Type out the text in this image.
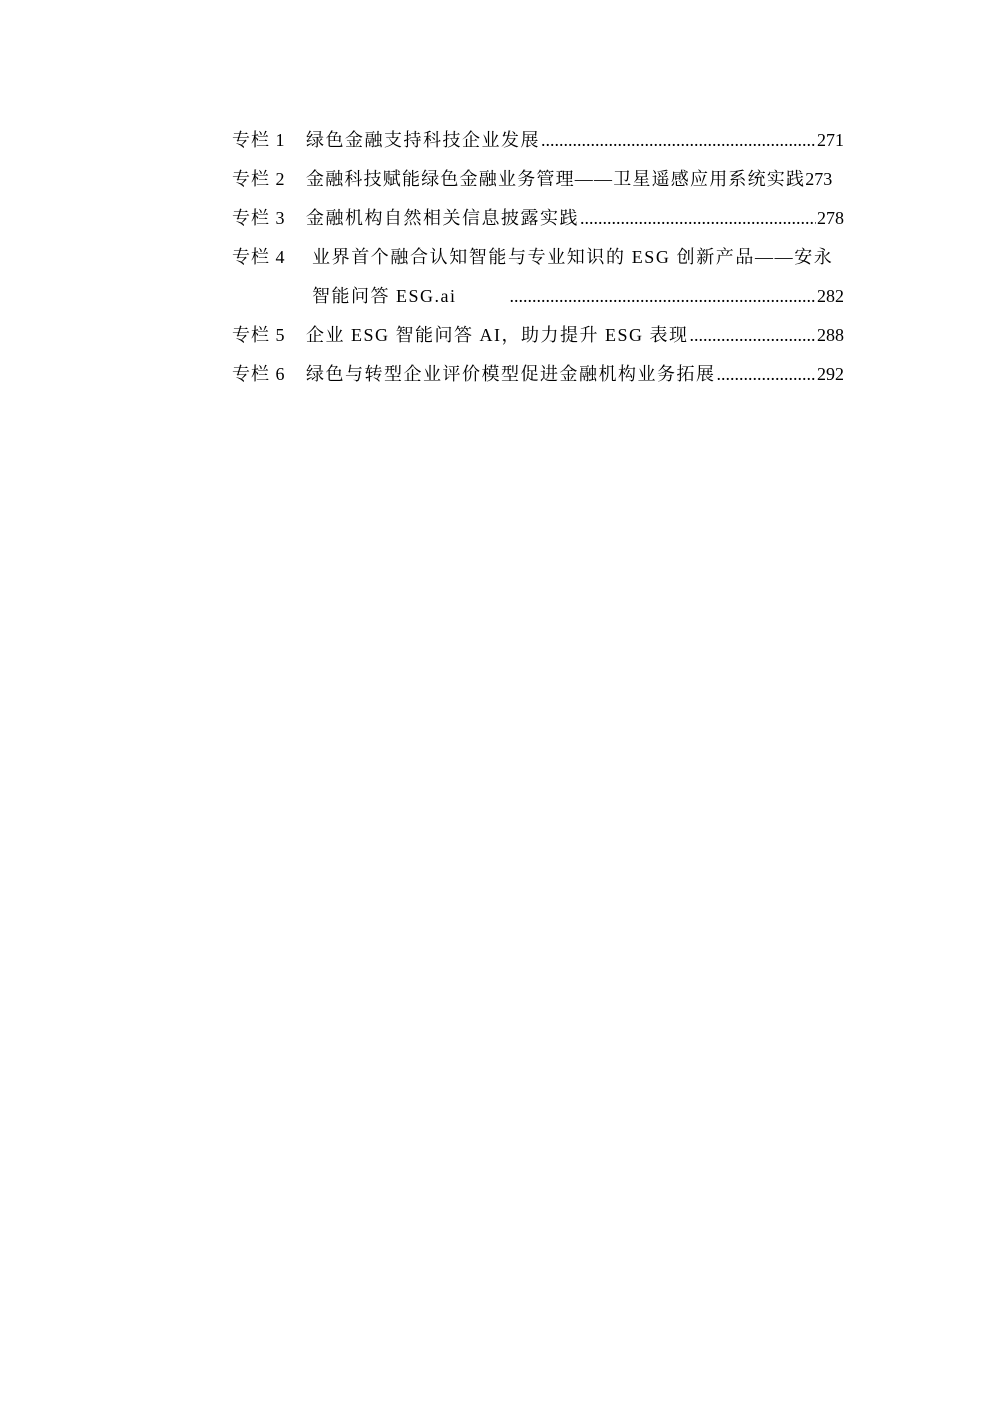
专栏 1	绿色金融支持科技企业发展 .....	271
专栏 2	金融科技赋能绿色金融业务管理——卫星遥感应用系统实践 273
专栏 3	金融机构自然相关信息披露实践 .....	278
专栏 4	业界首个融合认知智能与专业知识的 ESG 创新产品——安永
智能问答 ESG.ai .....	282
专栏 5	企业 ESG 智能问答 AI，助力提升 ESG 表现 .....	288
专栏 6	绿色与转型企业评价模型促进金融机构业务拓展 .....	292
